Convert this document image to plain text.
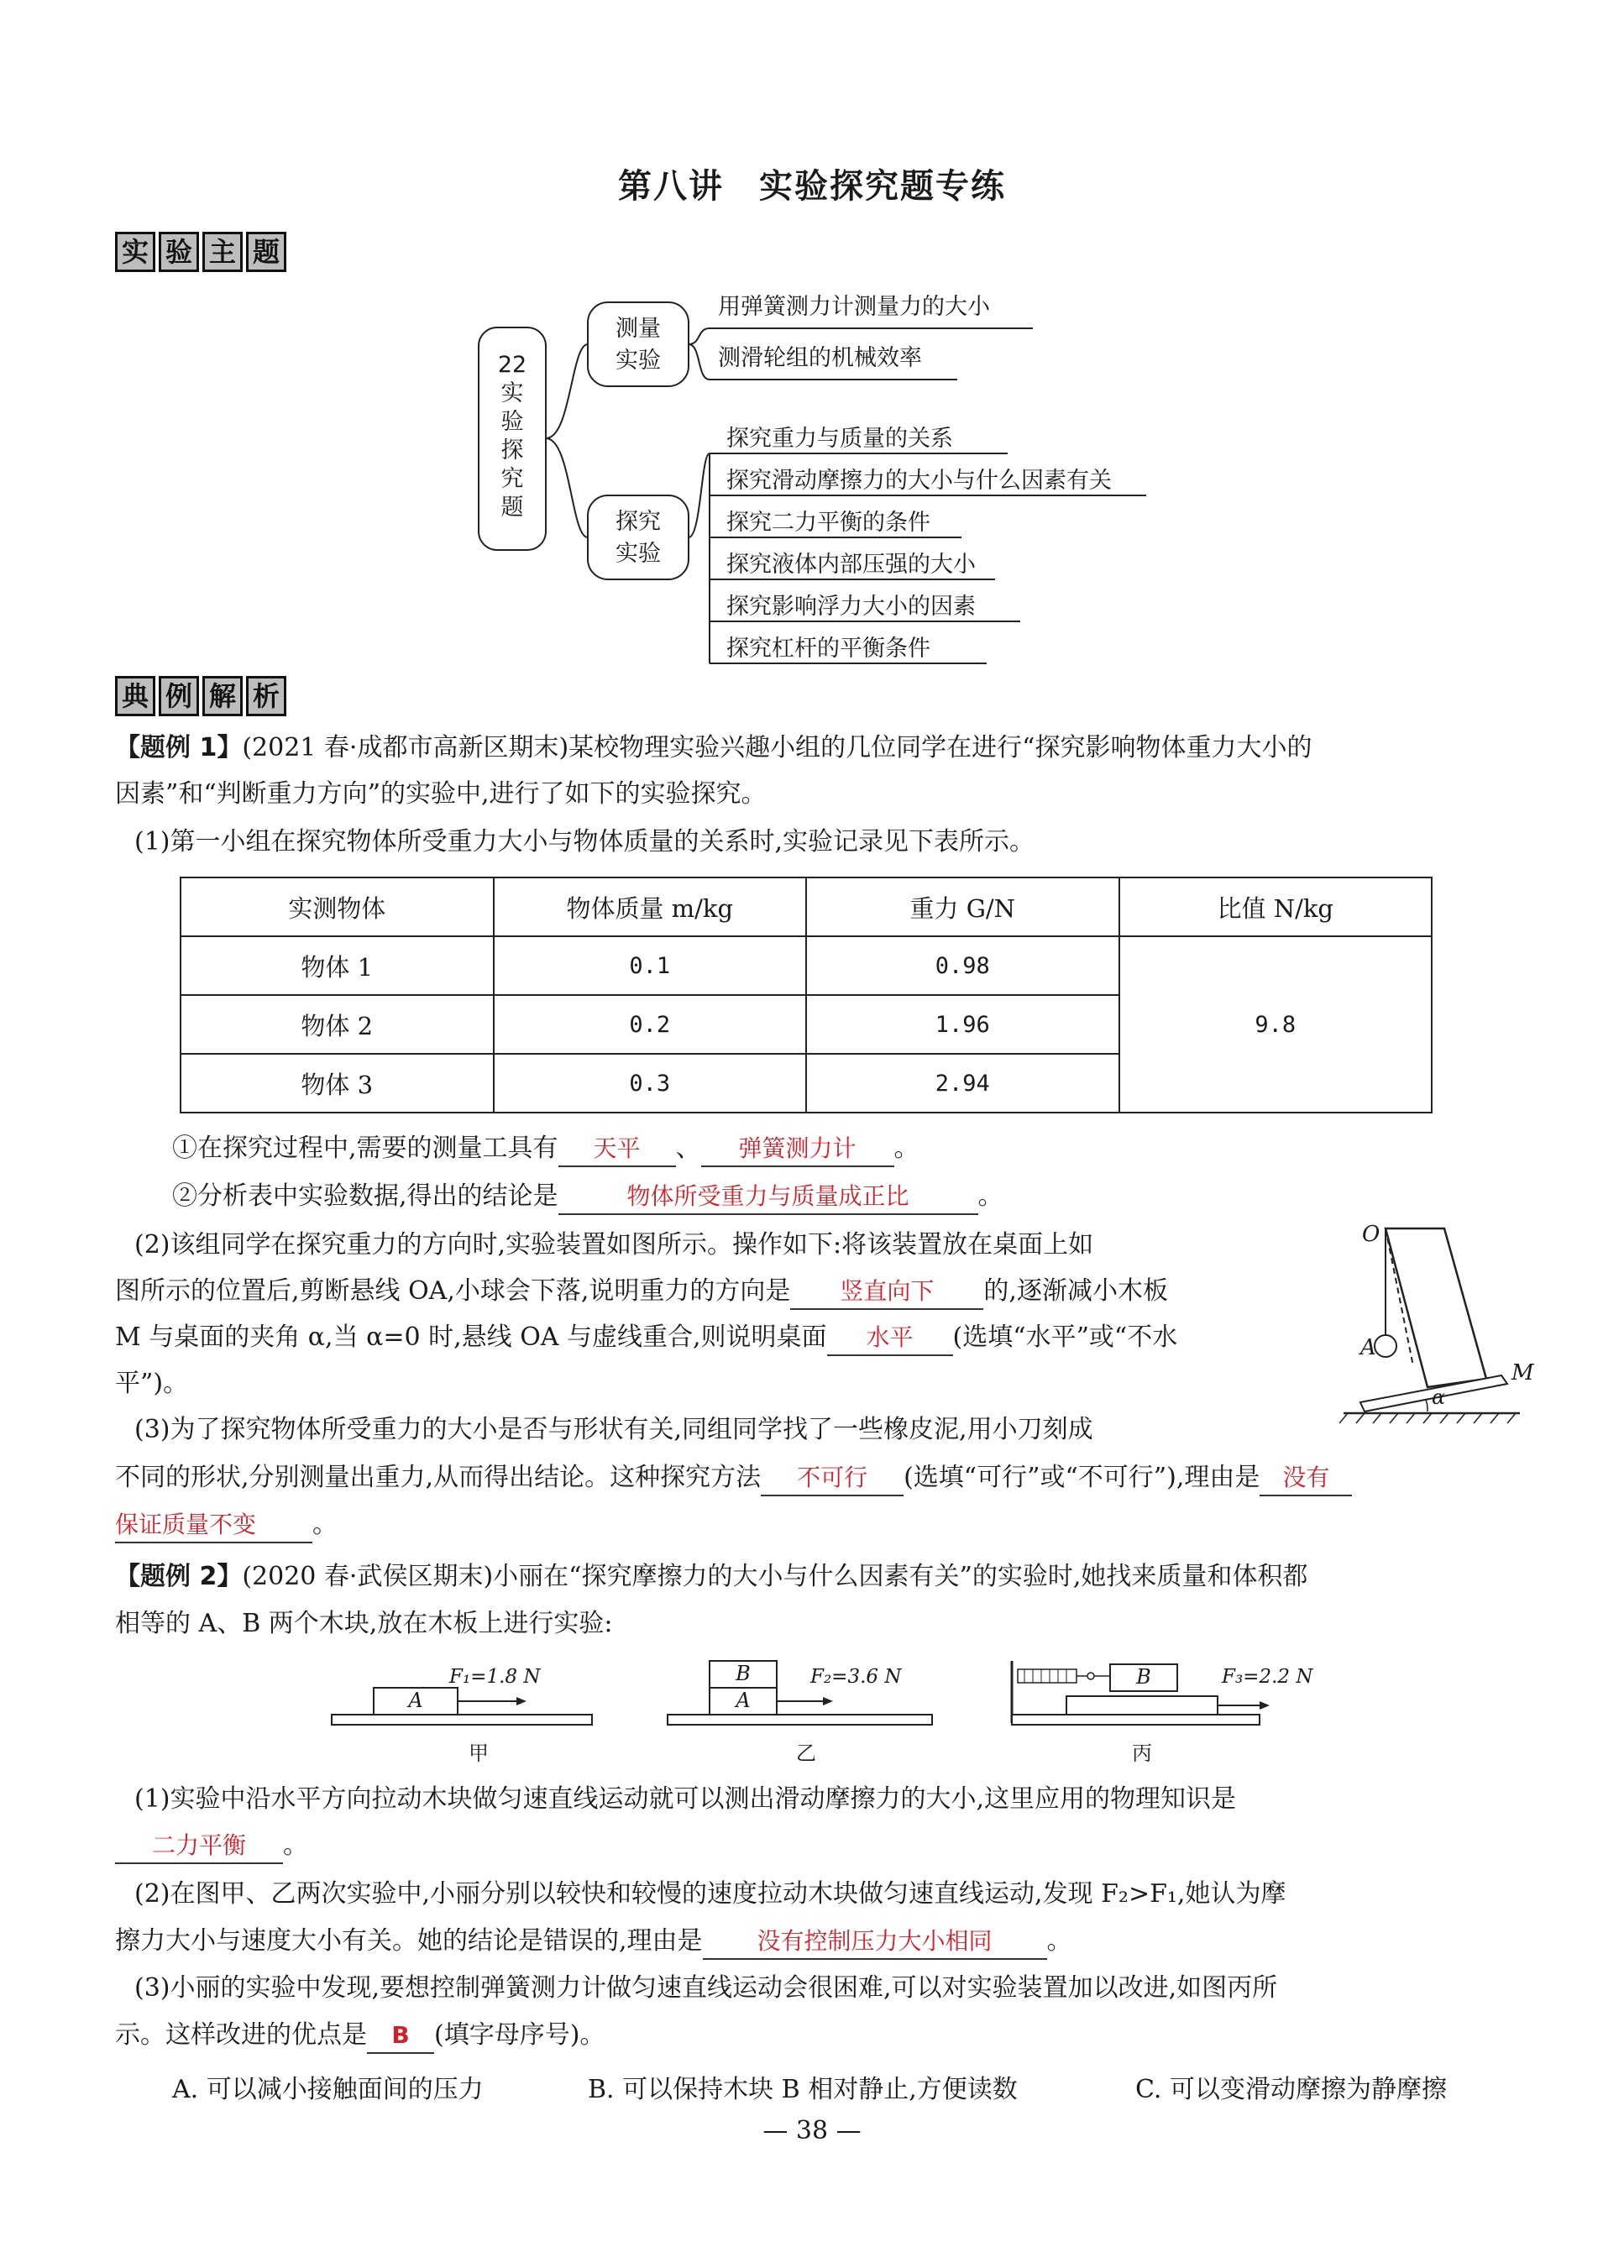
第八讲　实验探究题专练
实 验 主 题
22
实
验
探
究
题
测量
实验
探究
实验
用弹簧测力计测量力的大小
测滑轮组的机械效率
探究重力与质量的关系
探究滑动摩擦力的大小与什么因素有关
探究二力平衡的条件
探究液体内部压强的大小
探究影响浮力大小的因素
探究杠杆的平衡条件
典 例 解 析
【题例 1】(2021 春·成都市高新区期末)某校物理实验兴趣小组的几位同学在进行“探究影响物体重力大小的
因素”和“判断重力方向”的实验中,进行了如下的实验探究。
(1)第一小组在探究物体所受重力大小与物体质量的关系时,实验记录见下表所示。
实测物体	物体质量 m/kg	重力 G/N	比值 N/kg
物体 1	0.1	0.98	9.8
物体 2	0.2	1.96	
物体 3	0.3	2.94	
①在探究过程中,需要的测量工具有 天平 、 弹簧测力计 。
②分析表中实验数据,得出的结论是	物体所受重力与质量成正比	。
(2)该组同学在探究重力的方向时,实验装置如图所示。操作如下:将该装置放在桌面上如
图所示的位置后,剪断悬线 OA,小球会下落,说明重力的方向是 竖直向下 的,逐渐减小木板
M 与桌面的夹角 α,当 α=0 时,悬线 OA 与虚线重合,则说明桌面 水平 (选填“水平”或“不水
平”)。
O
A
M
α
(3)为了探究物体所受重力的大小是否与形状有关,同组同学找了一些橡皮泥,用小刀刻成
不同的形状,分别测量出重力,从而得出结论。这种探究方法 不可行 (选填“可行”或“不可行”),理由是 没有
保证质量不变 。
【题例 2】(2020 春·武侯区期末)小丽在“探究摩擦力的大小与什么因素有关”的实验时,她找来质量和体积都
相等的 A、B 两个木块,放在木板上进行实验:
A
F₁=1.8 N	B
A
F₂=3.6 N	B	F₃=2.2 N
甲	乙	丙
(1)实验中沿水平方向拉动木块做匀速直线运动就可以测出滑动摩擦力的大小,这里应用的物理知识是
二力平衡 。
(2)在图甲、乙两次实验中,小丽分别以较快和较慢的速度拉动木块做匀速直线运动,发现 F₂>F₁,她认为摩
擦力大小与速度大小有关。她的结论是错误的,理由是 没有控制压力大小相同 。
(3)小丽的实验中发现,要想控制弹簧测力计做匀速直线运动会很困难,可以对实验装置加以改进,如图丙所
示。这样改进的优点是 B (填字母序号)。
A. 可以减小接触面间的压力	B. 可以保持木块 B 相对静止,方便读数	C. 可以变滑动摩擦为静摩擦
— 38 —
